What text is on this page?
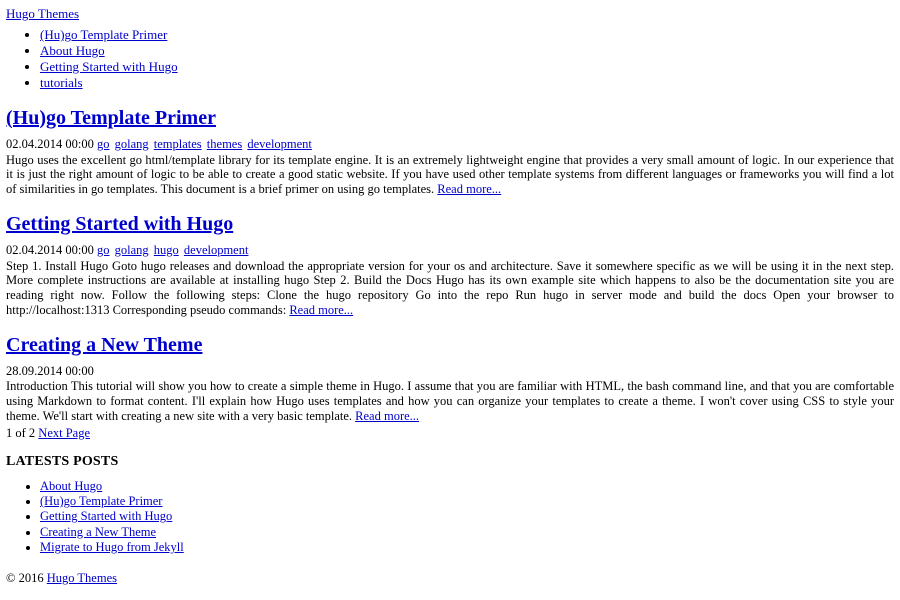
Hugo Themes
• (Hu)go Template Primer
• About Hugo
• Getting Started with Hugo
• tutorials
(Hu)go Template Primer
02.04.2014 00:00 go golang templates themes development

Hugo uses the excellent go html/template library for its template engine. It is an extremely lightweight engine that provides a very small amount of logic. In our experience that it is just the right amount of logic to be able to create a good static website. If you have used other template systems from different languages or frameworks you will find a lot of similarities in go templates. This document is a brief primer on using go templates. Read more...

Getting Started with Hugo
02.04.2014 00:00 go golang hugo development

Step 1. Install Hugo Goto hugo releases and download the appropriate version for your os and architecture. Save it somewhere specific as we will be using it in the next step. More complete instructions are available at installing hugo Step 2. Build the Docs Hugo has its own example site which happens to also be the documentation site you are reading right now. Follow the following steps: Clone the hugo repository Go into the repo Run hugo in server mode and build the docs Open your browser to http://localhost:1313 Corresponding pseudo commands: Read more...

Creating a New Theme
28.09.2014 00:00

Introduction This tutorial will show you how to create a simple theme in Hugo. I assume that you are familiar with HTML, the bash command line, and that you are comfortable using Markdown to format content. I'll explain how Hugo uses templates and how you can organize your templates to create a theme. I won't cover using CSS to style your theme. We'll start with creating a new site with a very basic template. Read more...

1 of 2 Next Page
LATESTS POSTS
• About Hugo
• (Hu)go Template Primer
• Getting Started with Hugo
• Creating a New Theme
• Migrate to Hugo from Jekyll
© 2016 Hugo Themes
